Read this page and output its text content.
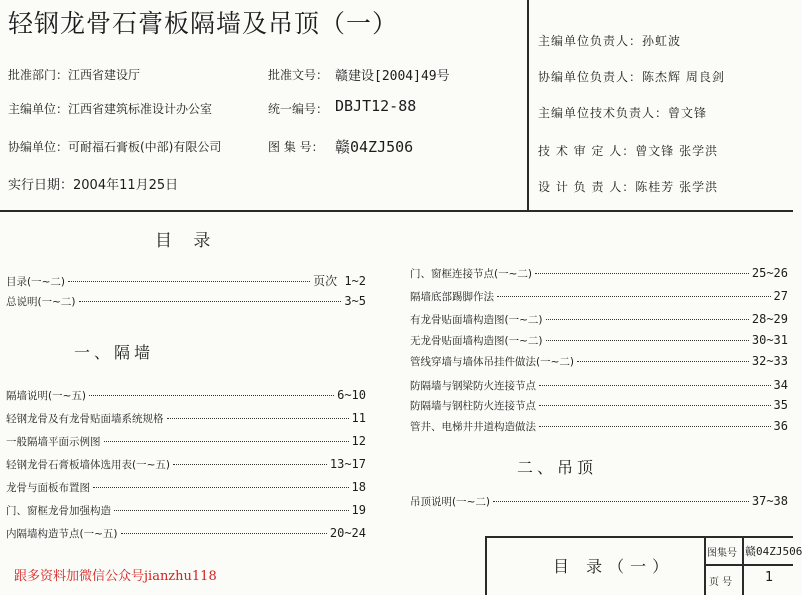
轻钢龙骨石膏板隔墙及吊顶（一）
批准部门：江西省建设厅	批准文号： 赣建设[2004]49号
主编单位：江西省建筑标准设计办公室	统一编号： DBJT12-88
协编单位：可耐福石膏板(中部)有限公司	图 集 号： 赣04ZJ506
实行日期：2004年11月25日
主编单位负责人：孙虹波
协编单位负责人：陈杰辉 周良剑
主编单位技术负责人：曾文锋
技 术 审 定 人：曾文锋 张学洪
设 计 负 责 人：陈桂芳 张学洪
目 录
一、隔墙
二、吊顶
目录(一~二)	页次 1~2
总说明(一~二)	3~5
隔墙说明(一~五)	6~10
轻钢龙骨及有龙骨贴面墙系统规格	11
一般隔墙平面示例图	12
轻钢龙骨石膏板墙体选用表(一~五)	13~17
龙骨与面板布置图	18
门、窗框龙骨加强构造	19
内隔墙构造节点(一~五)	20~24
门、窗框连接节点(一~二)	25~26
隔墙底部踢脚作法	27
有龙骨贴面墙构造图(一~二)	28~29
无龙骨贴面墙构造图(一~二)	30~31
管线穿墙与墙体吊挂件做法(一~二)	32~33
防隔墙与钢梁防火连接节点	34
防隔墙与钢柱防火连接节点	35
管井、电梯井井道构造做法	36
吊顶说明(一~二)	37~38
目 录（一）
图集号 赣04ZJ506
页 号	1
跟多资料加微信公众号jianzhu118
